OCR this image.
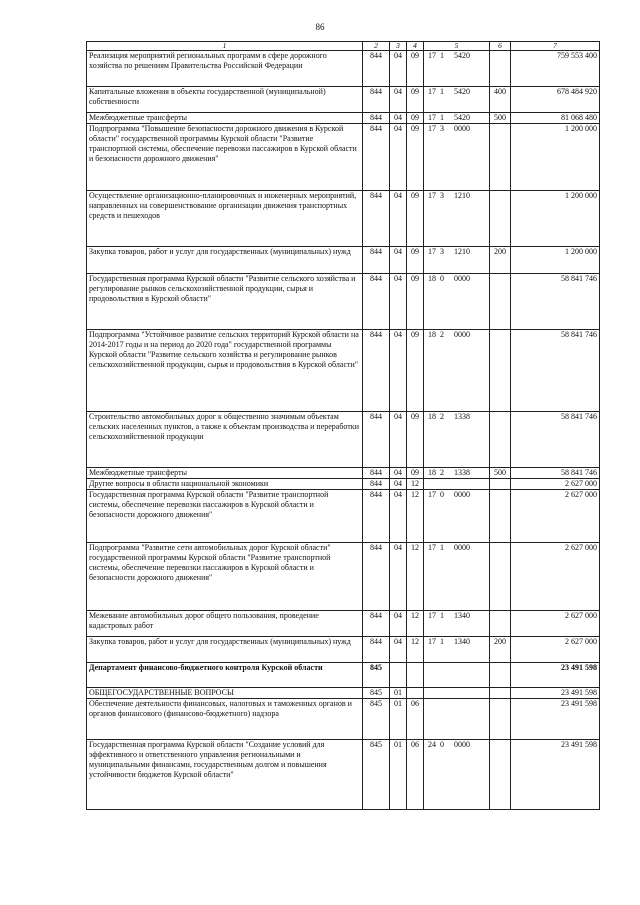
86
1	2	3	4	5	6	7
Реализация мероприятий региональных программ в сфере дорожного хозяйства по решениям Правительства Российской Федерации	844	04	09	17 1 5420		759 553 400
Капитальные вложения в объекты государственной (муниципальной) собственности	844	04	09	17 1 5420	400	678 484 920
Межбюджетные трансферты	844	04	09	17 1 5420	500	81 068 480
Подпрограмма "Повышение безопасности дорожного движения в Курской области" государственной программы Курской области "Развитие транспортной системы, обеспечение перевозки пассажиров в Курской области и безопасности дорожного движения"	844	04	09	17 3 0000		1 200 000
Осуществление организационно-планировочных и инженерных мероприятий, направленных на совершенствование организации движения транспортных средств и пешеходов	844	04	09	17 3 1210		1 200 000
Закупка товаров, работ и услуг для государственных (муниципальных) нужд	844	04	09	17 3 1210	200	1 200 000
Государственная программа Курской области "Развитие сельского хозяйства и регулирование рынков сельскохозяйственной продукции, сырья и продовольствия в Курской области"	844	04	09	18 0 0000		58 841 746
Подпрограмма "Устойчивое развитие сельских территорий Курской области на 2014-2017 годы и на период до 2020 года" государственной программы Курской области "Развитие сельского хозяйства и регулирование рынков сельскохозяйственной продукции, сырья и продовольствия в Курской области"	844	04	09	18 2 0000		58 841 746
Строительство автомобильных дорог к общественно значимым объектам сельских населенных пунктов, а также к объектам производства и переработки сельскохозяйственной продукции	844	04	09	18 2 1338		58 841 746
Межбюджетные трансферты	844	04	09	18 2 1338	500	58 841 746
Другие вопросы в области национальной экономики	844	04	12			2 627 000
Государственная программа Курской области "Развитие транспортной системы, обеспечение перевозки пассажиров в Курской области и безопасности дорожного движения"	844	04	12	17 0 0000		2 627 000
Подпрограмма "Развитие сети автомобильных дорог Курской области" государственной программы Курской области "Развитие транспортной системы, обеспечение перевозки пассажиров в Курской области и безопасности дорожного движения"	844	04	12	17 1 0000		2 627 000
Межевание автомобильных дорог общего пользования, проведение кадастровых работ	844	04	12	17 1 1340		2 627 000
Закупка товаров, работ и услуг для государственных (муниципальных) нужд	844	04	12	17 1 1340	200	2 627 000
Департамент финансово-бюджетного контроля Курской области	845					23 491 598
ОБЩЕГОСУДАРСТВЕННЫЕ ВОПРОСЫ	845	01				23 491 598
Обеспечение деятельности финансовых, налоговых и таможенных органов и органов финансового (финансово-бюджетного) надзора	845	01	06			23 491 598
Государственная программа Курской области "Создание условий для эффективного и ответственного управления региональными и муниципальными финансами, государственным долгом и повышения устойчивости бюджетов Курской области"	845	01	06	24 0 0000		23 491 598
